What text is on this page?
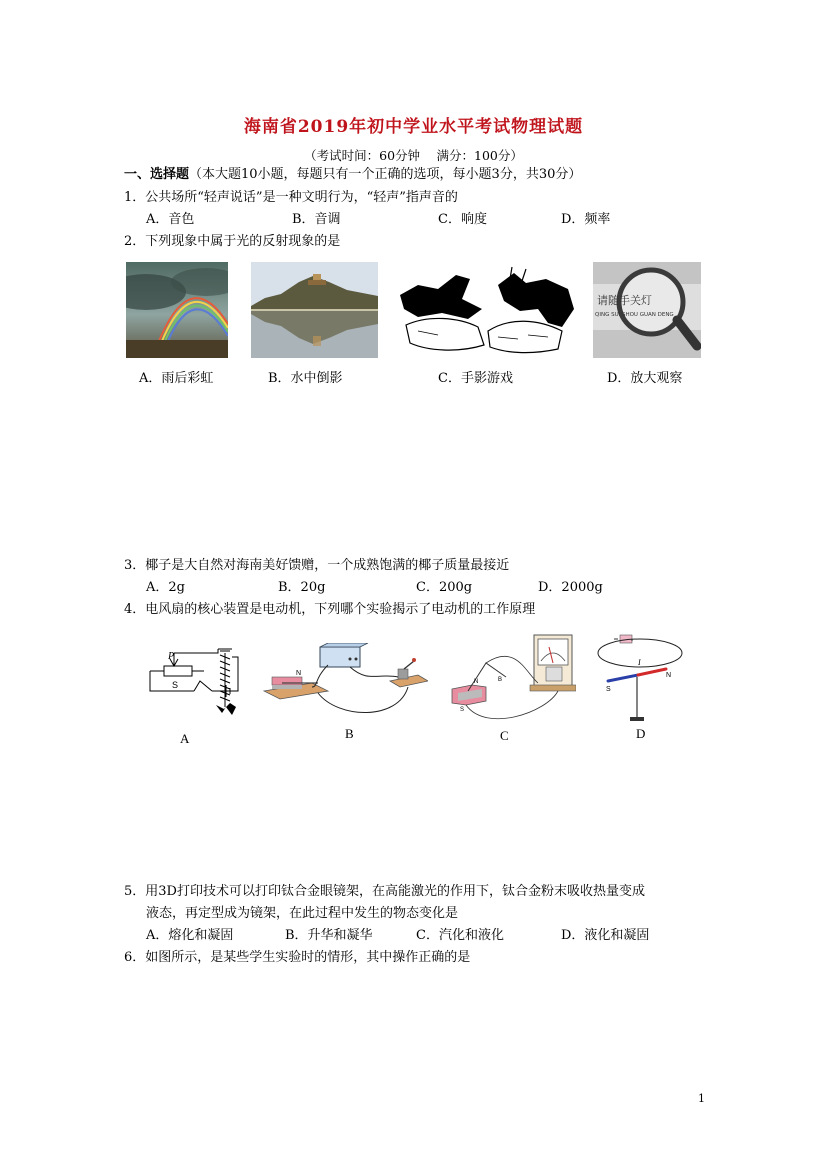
海南省2019年初中学业水平考试物理试题
（考试时间：60分钟　 满分：100分）
一、选择题（本大题10小题，每题只有一个正确的选项，每小题3分，共30分）
1．公共场所“轻声说话”是一种文明行为，“轻声”指声音的
A．音色	B．音调	C．响度	D．频率
2．下列现象中属于光的反射现象的是
请随手关灯
QING SUI SHOU GUAN DENG
A．雨后彩虹	B．水中倒影	C．手影游戏	D．放大观察
3．椰子是大自然对海南美好馈赠，一个成熟饱满的椰子质量最接近
A．2g	B．20g	C．200g	D．2000g
4．电风扇的核心装置是电动机，下列哪个实验揭示了电动机的工作原理
P
S
N
N	B
S
I
S
N
A	B	C	D
5．用3D打印技术可以打印钛合金眼镜架，在高能激光的作用下，钛合金粉末吸收热量变成
液态，再定型成为镜架，在此过程中发生的物态变化是
A．熔化和凝固	B．升华和凝华	C．汽化和液化	D．液化和凝固
6．如图所示，是某些学生实验时的情形，其中操作正确的是
1
